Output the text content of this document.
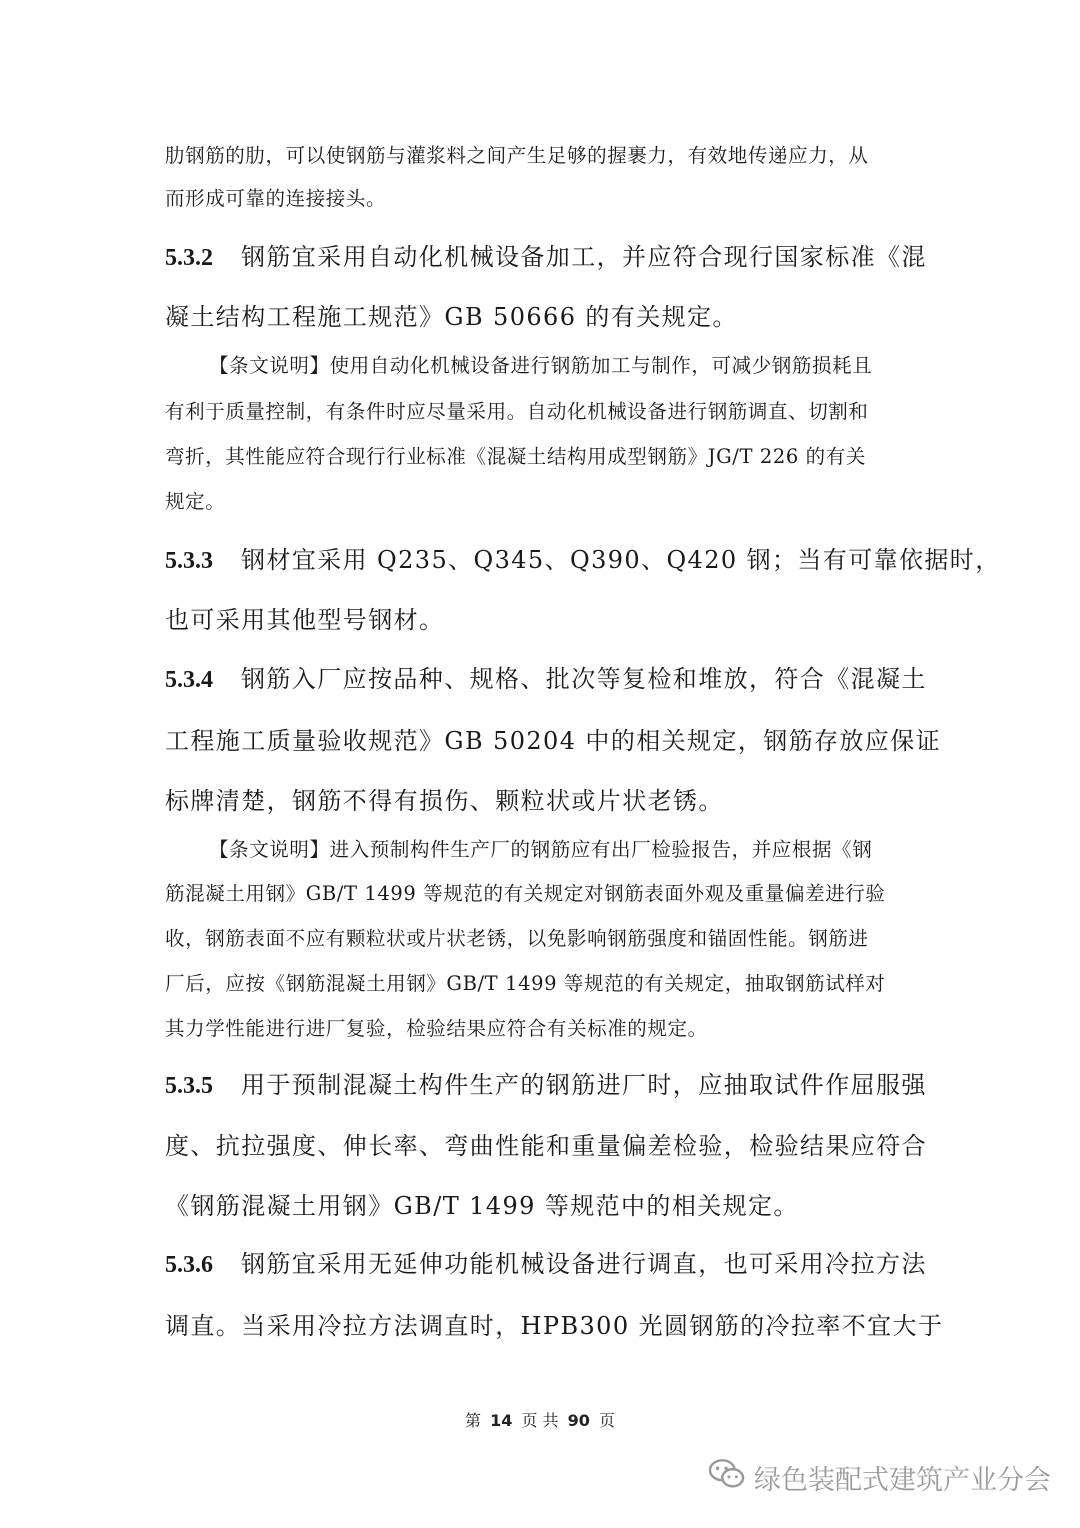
肋钢筋的肋，可以使钢筋与灌浆料之间产生足够的握裹力，有效地传递应力，从
而形成可靠的连接接头。
5.3.2 钢筋宜采用自动化机械设备加工，并应符合现行国家标准《混
凝土结构工程施工规范》GB 50666 的有关规定。
【条文说明】使用自动化机械设备进行钢筋加工与制作，可减少钢筋损耗且
有利于质量控制，有条件时应尽量采用。自动化机械设备进行钢筋调直、切割和
弯折，其性能应符合现行行业标准《混凝土结构用成型钢筋》JG/T 226 的有关
规定。
5.3.3 钢材宜采用 Q235、Q345、Q390、Q420 钢；当有可靠依据时，
也可采用其他型号钢材。
5.3.4 钢筋入厂应按品种、规格、批次等复检和堆放，符合《混凝土
工程施工质量验收规范》GB 50204 中的相关规定，钢筋存放应保证
标牌清楚，钢筋不得有损伤、颗粒状或片状老锈。
【条文说明】进入预制构件生产厂的钢筋应有出厂检验报告，并应根据《钢
筋混凝土用钢》GB/T 1499 等规范的有关规定对钢筋表面外观及重量偏差进行验
收，钢筋表面不应有颗粒状或片状老锈，以免影响钢筋强度和锚固性能。钢筋进
厂后，应按《钢筋混凝土用钢》GB/T 1499 等规范的有关规定，抽取钢筋试样对
其力学性能进行进厂复验，检验结果应符合有关标准的规定。
5.3.5 用于预制混凝土构件生产的钢筋进厂时，应抽取试件作屈服强
度、抗拉强度、伸长率、弯曲性能和重量偏差检验，检验结果应符合
《钢筋混凝土用钢》GB/T 1499 等规范中的相关规定。
5.3.6 钢筋宜采用无延伸功能机械设备进行调直，也可采用冷拉方法
调直。当采用冷拉方法调直时，HPB300 光圆钢筋的冷拉率不宜大于
第 14 页 共 90 页
绿色装配式建筑产业分会
